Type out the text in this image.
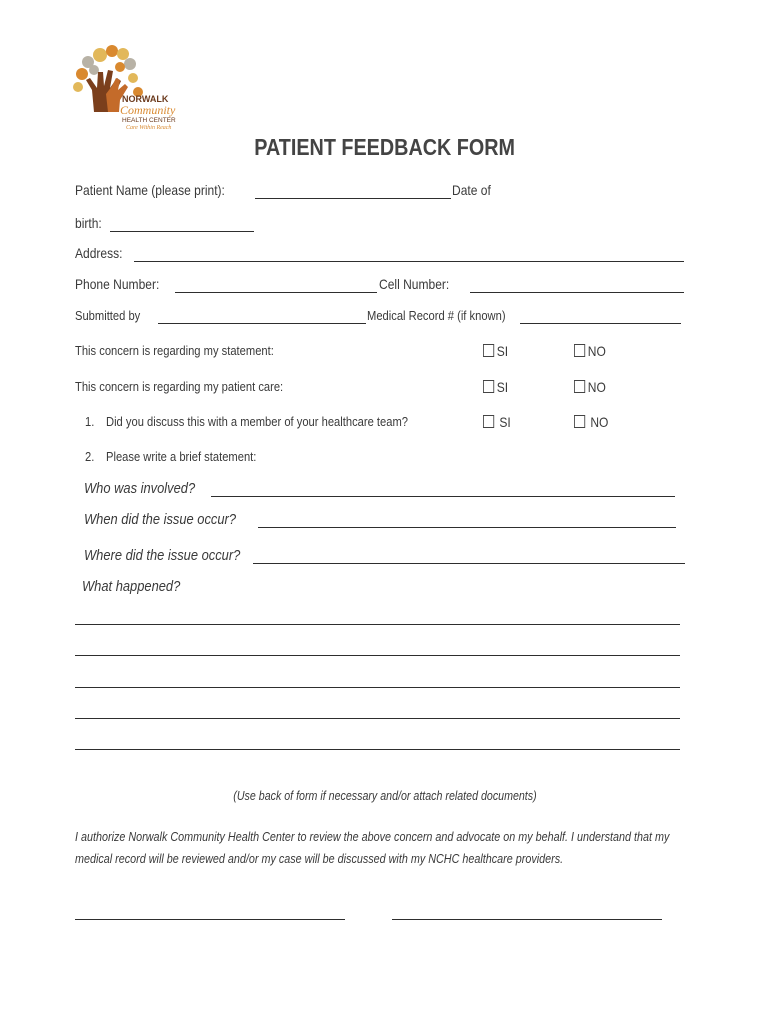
NORWALK
Community
HEALTH CENTER
Care Within Reach
PATIENT FEEDBACK FORM
Patient Name (please print):	Date of
birth:
Address:
Phone Number:	Cell Number:
Submitted by	Medical Record # (if known)
This concern is regarding my statement:	SI	NO
This concern is regarding my patient care:	SI	NO
1. Did you discuss this with a member of your healthcare team?	SI	NO
2. Please write a brief statement:
Who was involved?
When did the issue occur?
Where did the issue occur?
What happened?
(Use back of form if necessary and/or attach related documents)
I authorize Norwalk Community Health Center to review the above concern and advocate on my behalf. I understand that my medical record will be reviewed and/or my case will be discussed with my NCHC healthcare providers.
